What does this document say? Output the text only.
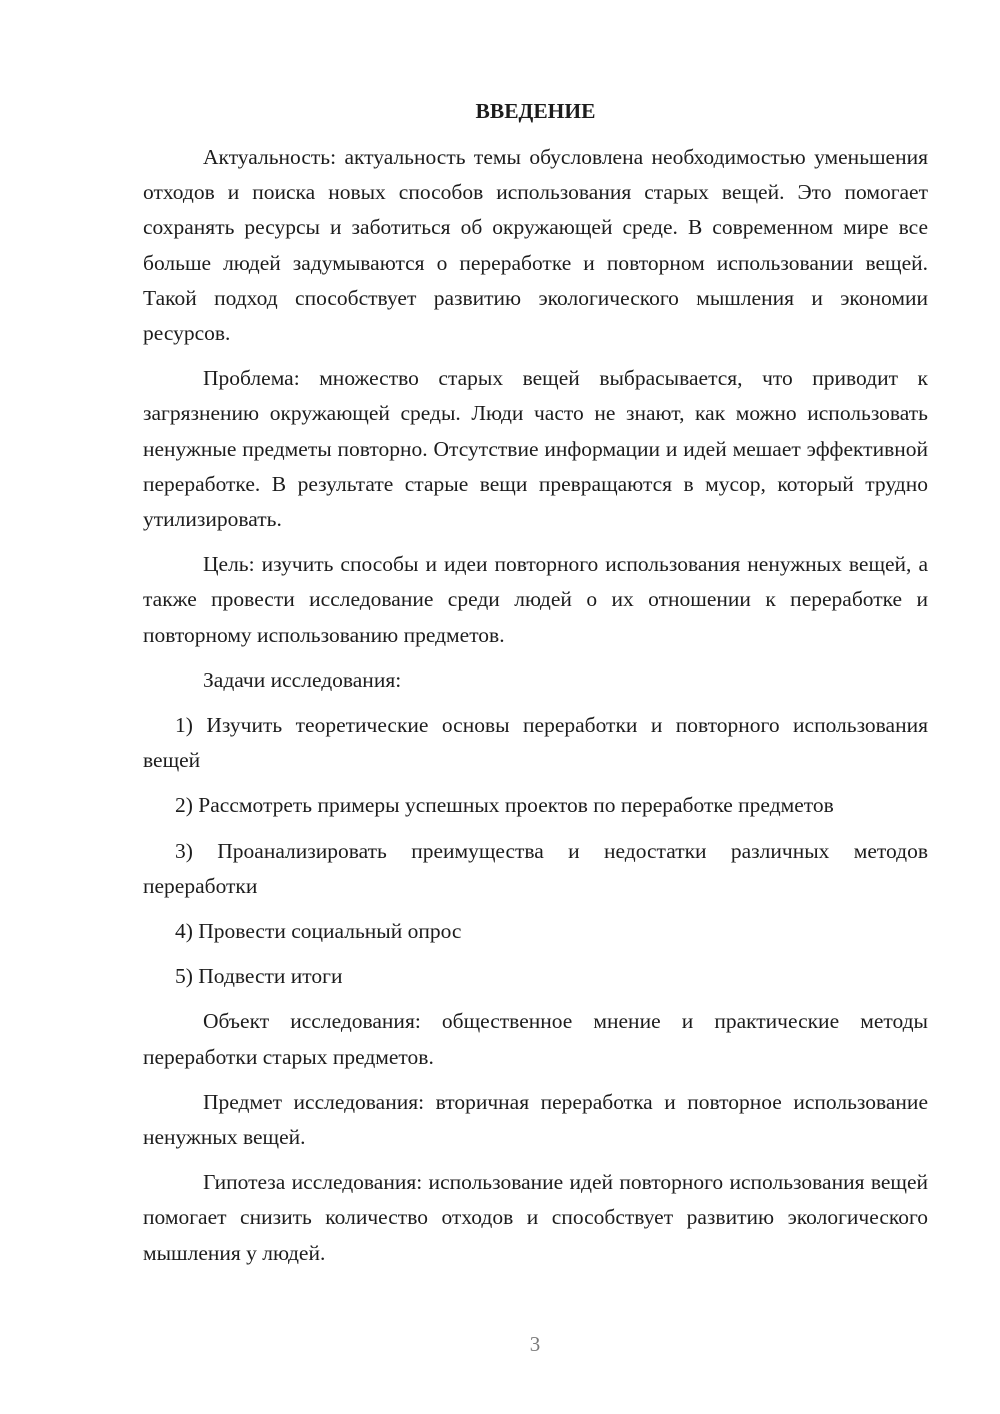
ВВЕДЕНИЕ

Актуальность: актуальность темы обусловлена необходимостью уменьшения отходов и поиска новых способов использования старых вещей. Это помогает сохранять ресурсы и заботиться об окружающей среде. В современном мире все больше людей задумываются о переработке и повторном использовании вещей. Такой подход способствует развитию экологического мышления и экономии ресурсов.

Проблема: множество старых вещей выбрасывается, что приводит к загрязнению окружающей среды. Люди часто не знают, как можно использовать ненужные предметы повторно. Отсутствие информации и идей мешает эффективной переработке. В результате старые вещи превращаются в мусор, который трудно утилизировать.

Цель: изучить способы и идеи повторного использования ненужных вещей, а также провести исследование среди людей о их отношении к переработке и повторному использованию предметов.

Задачи исследования:

1) Изучить теоретические основы переработки и повторного использования вещей

2) Рассмотреть примеры успешных проектов по переработке предметов

3) Проанализировать преимущества и недостатки различных методов переработки

4) Провести социальный опрос

5) Подвести итоги

Объект исследования: общественное мнение и практические методы переработки старых предметов.

Предмет исследования: вторичная переработка и повторное использование ненужных вещей.

Гипотеза исследования: использование идей повторного использования вещей помогает снизить количество отходов и способствует развитию экологического мышления у людей.

3
